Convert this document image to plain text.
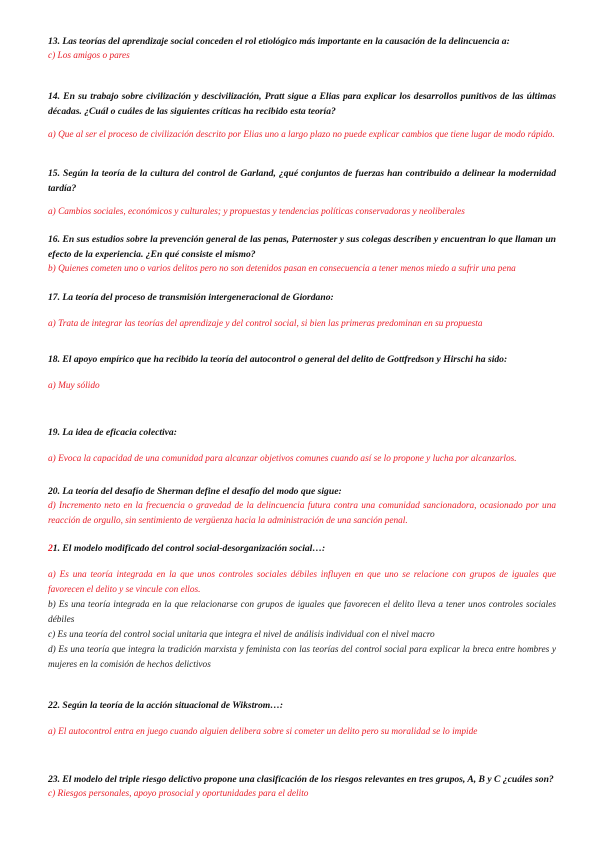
13. Las teorías del aprendizaje social conceden el rol etiológico más importante en la causación de la delincuencia a:

c) Los amigos o pares

14. En su trabajo sobre civilización y descivilización, Pratt sigue a Elias para explicar los desarrollos punitivos de las últimas décadas. ¿Cuál o cuáles de las siguientes críticas ha recibido esta teoría?

a) Que al ser el proceso de civilización descrito por Elias uno a largo plazo no puede explicar cambios que tiene lugar de modo rápido.

15. Según la teoría de la cultura del control de Garland, ¿qué conjuntos de fuerzas han contribuido a delinear la modernidad tardía?

a) Cambios sociales, económicos y culturales; y propuestas y tendencias políticas conservadoras y neoliberales

16. En sus estudios sobre la prevención general de las penas, Paternoster y sus colegas describen y encuentran lo que llaman un efecto de la experiencia. ¿En qué consiste el mismo?

b) Quienes cometen uno o varios delitos pero no son detenidos pasan en consecuencia a tener menos miedo a sufrir una pena

17. La teoría del proceso de transmisión intergeneracional de Giordano:

a) Trata de integrar las teorías del aprendizaje y del control social, si bien las primeras predominan en su propuesta

18. El apoyo empírico que ha recibido la teoría del autocontrol o general del delito de Gottfredson y Hirschi ha sido:

a) Muy sólido

19. La idea de eficacia colectiva:

a) Evoca la capacidad de una comunidad para alcanzar objetivos comunes cuando así se lo propone y lucha por alcanzarlos.

20. La teoría del desafío de Sherman define el desafío del modo que sigue:

d) Incremento neto en la frecuencia o gravedad de la delincuencia futura contra una comunidad sancionadora, ocasionado por una reacción de orgullo, sin sentimiento de vergüenza hacia la administración de una sanción penal.

21. El modelo modificado del control social-desorganización social…:

a) Es una teoría integrada en la que unos controles sociales débiles influyen en que uno se relacione con grupos de iguales que favorecen el delito y se vincule con ellos.

b) Es una teoría integrada en la que relacionarse con grupos de iguales que favorecen el delito lleva a tener unos controles sociales débiles

c) Es una teoría del control social unitaria que integra el nivel de análisis individual con el nivel macro

d) Es una teoría que integra la tradición marxista y feminista con las teorías del control social para explicar la breca entre hombres y mujeres en la comisión de hechos delictivos

22. Según la teoría de la acción situacional de Wikstrom…:

a) El autocontrol entra en juego cuando alguien delibera sobre si cometer un delito pero su moralidad se lo impide

23. El modelo del triple riesgo delictivo propone una clasificación de los riesgos relevantes en tres grupos, A, B y C ¿cuáles son?

c) Riesgos personales, apoyo prosocial y oportunidades para el delito
